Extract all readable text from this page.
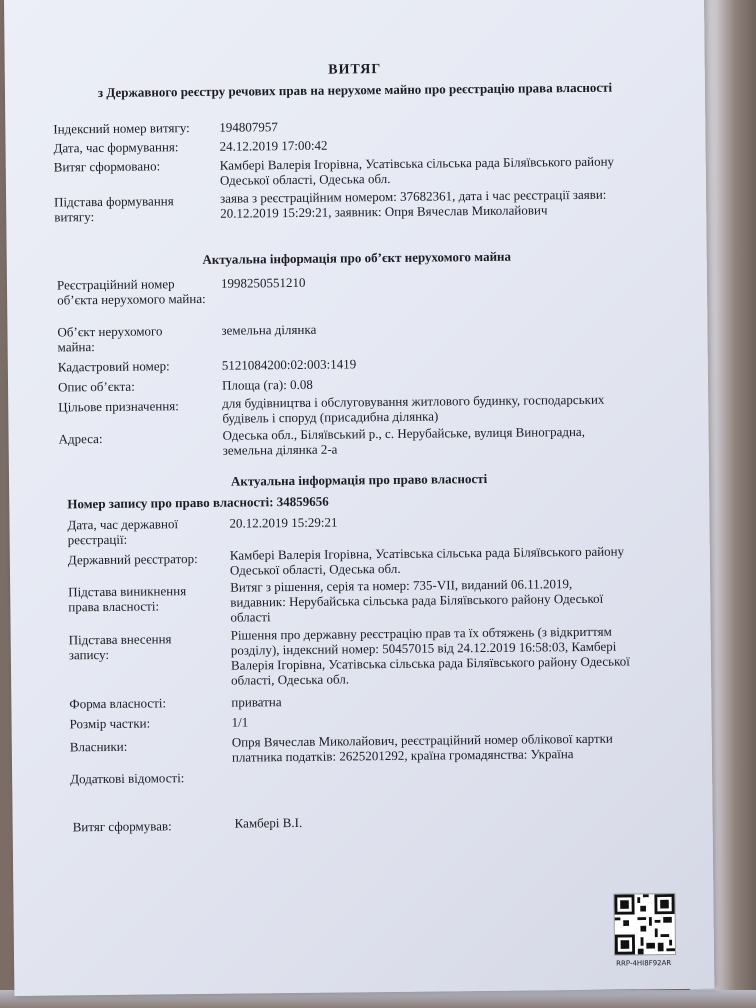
ВИТЯГ
з Державного реєстру речових прав на нерухоме майно про реєстрацію права власності
Індексний номер витягу:	194807957
Дата, час формування:	24.12.2019 17:00:42
Витяг сформовано:	Камбері Валерія Ігорівна, Усатівська сільська рада Біляївського району Одеської області, Одеська обл.
Підстава формування витягу:
заява з реєстраційним номером: 37682361, дата і час реєстрації заяви: 20.12.2019 15:29:21, заявник: Опря Вячеслав Миколайович
Актуальна інформація про об’єкт нерухомого майна
Реєстраційний номер об’єкта нерухомого майна:
1998250551210
Об’єкт нерухомого майна:
земельна ділянка
Кадастровий номер:	5121084200:02:003:1419
Опис об’єкта:	Площа (га): 0.08
Цільове призначення:	для будівництва і обслуговування житлового будинку, господарських будівель і споруд (присадибна ділянка)
Адреса:	Одеська обл., Біляївський р., с. Нерубайське, вулиця Виноградна, земельна ділянка 2-а
Актуальна інформація про право власності
Номер запису про право власності: 34859656
Дата, час державної реєстрації:
20.12.2019 15:29:21
Державний реєстратор:	Камбері Валерія Ігорівна, Усатівська сільська рада Біляївського району Одеської області, Одеська обл.
Підстава виникнення права власності:
Витяг з рішення, серія та номер: 735-VII, виданий 06.11.2019, видавник: Нерубайська сільська рада Біляївського району Одеської області
Підстава внесення запису:
Рішення про державну реєстрацію прав та їх обтяжень (з відкриттям розділу), індексний номер: 50457015 від 24.12.2019 16:58:03, Камбері Валерія Ігорівна, Усатівська сільська рада Біляївського району Одеської області, Одеська обл.
Форма власності:	приватна
Розмір частки:	1/1
Власники:	Опря Вячеслав Миколайович, реєстраційний номер облікової картки платника податків: 2625201292, країна громадянства: Україна
Додаткові відомості:
Витяг сформував:	Камбері В.І.
RRP-4HI8F92AR
